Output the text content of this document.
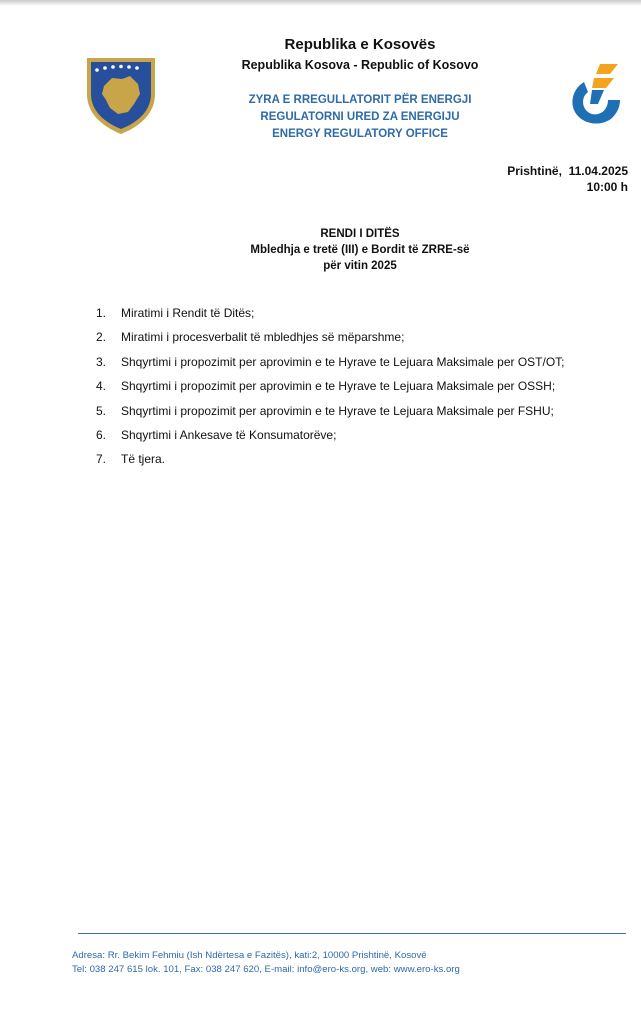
Republika e Kosovës
Republika Kosova - Republic of Kosovo
ZYRA E RREGULLATORIT PËR ENERGJI
REGULATORNI URED ZA ENERGIJU
ENERGY REGULATORY OFFICE
Prishtinë,  11.04.2025
10:00 h
RENDI I DITËS
Mbledhja e tretë (III) e Bordit të ZRRE-së
për vitin 2025
1.	Miratimi i Rendit të Ditës;
2.	Miratimi i procesverbalit të mbledhjes së mëparshme;
3.	Shqyrtimi i propozimit per aprovimin e te Hyrave te Lejuara Maksimale per OST/OT;
4.	Shqyrtimi i propozimit per aprovimin e te Hyrave te Lejuara Maksimale per OSSH;
5.	Shqyrtimi i propozimit per aprovimin e te Hyrave te Lejuara Maksimale per FSHU;
6.	Shqyrtimi i Ankesave të Konsumatorëve;
7.	Të tjera.
Adresa: Rr. Bekim Fehmiu (Ish Ndërtesa e Fazitës), kati:2, 10000 Prishtinë, Kosovë
Tel: 038 247 615 lok. 101, Fax: 038 247 620, E-mail: info@ero-ks.org, web: www.ero-ks.org
